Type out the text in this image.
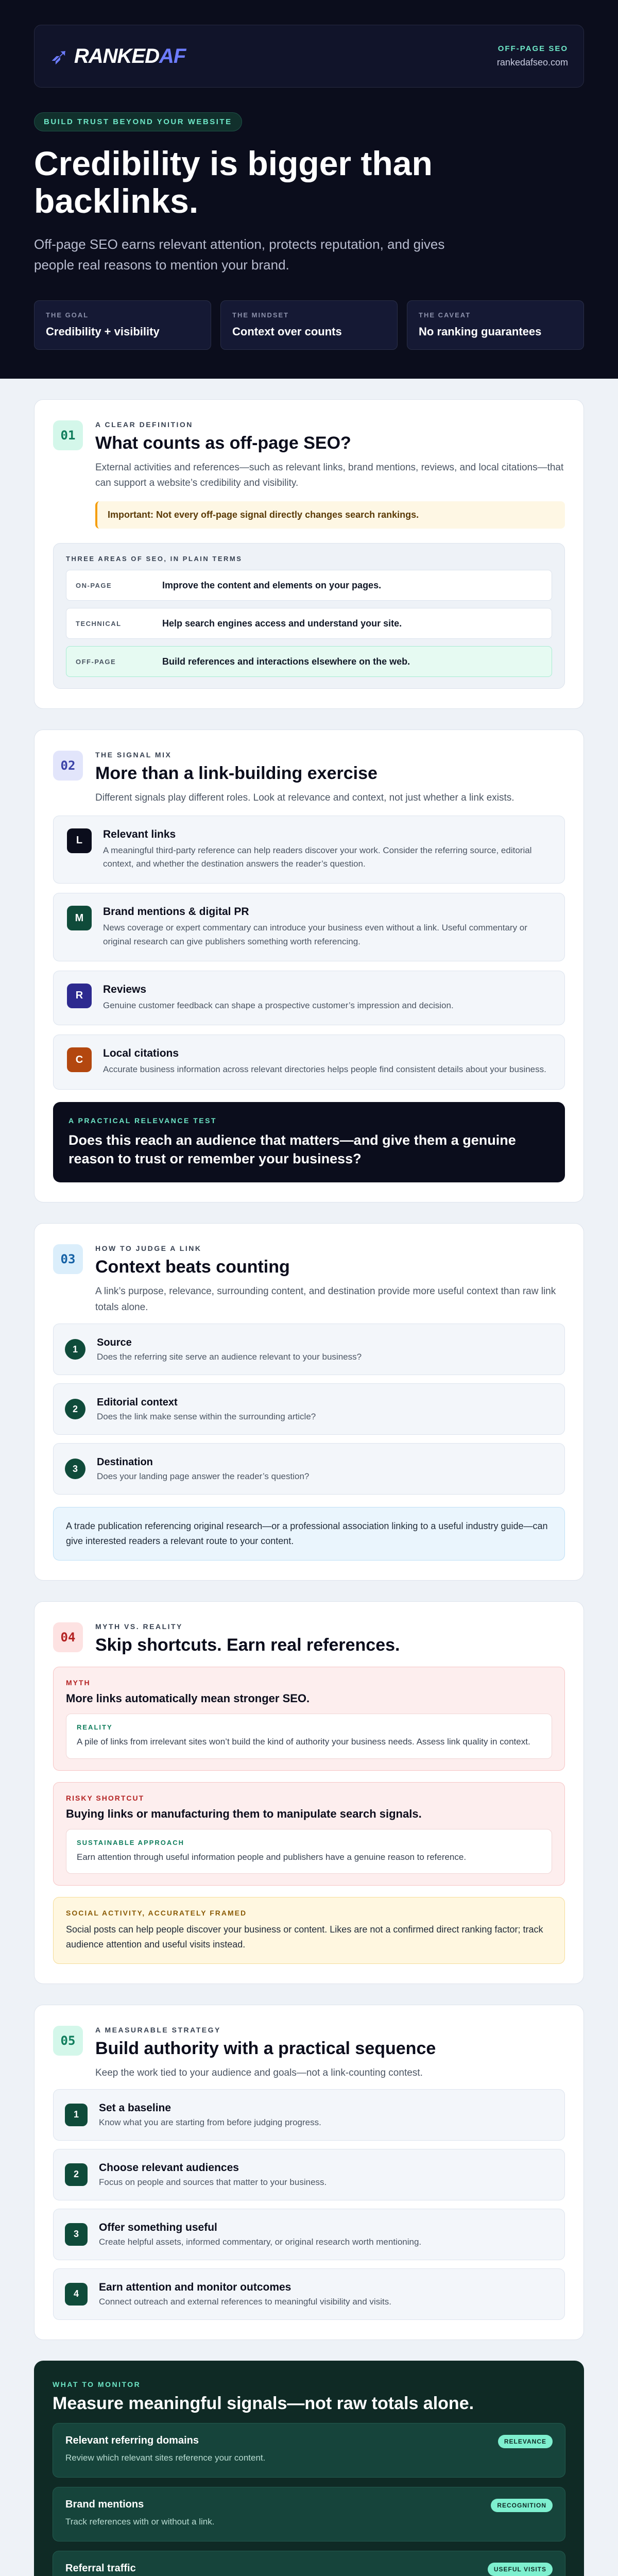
➶ RANKEDAF	OFF-PAGE SEO
rankedafseo.com
BUILD TRUST BEYOND YOUR WEBSITE
Credibility is bigger than backlinks.

Off-page SEO earns relevant attention, protects reputation, and gives people real reasons to mention your brand.

THE GOAL
Credibility + visibility
THE MINDSET
Context over counts
THE CAVEAT
No ranking guarantees
01
A CLEAR DEFINITION
What counts as off-page SEO?
External activities and references—such as relevant links, brand mentions, reviews, and local citations—that can support a website’s credibility and visibility.
Important: Not every off-page signal directly changes search rankings.
THREE AREAS OF SEO, IN PLAIN TERMS
ON-PAGE	Improve the content and elements on your pages.
TECHNICAL	Help search engines access and understand your site.
OFF-PAGE	Build references and interactions elsewhere on the web.
02
THE SIGNAL MIX
More than a link-building exercise
Different signals play different roles. Look at relevance and context, not just whether a link exists.
L
Relevant links
A meaningful third-party reference can help readers discover your work. Consider the referring source, editorial context, and whether the destination answers the reader’s question.
M
Brand mentions & digital PR
News coverage or expert commentary can introduce your business even without a link. Useful commentary or original research can give publishers something worth referencing.
R
Reviews
Genuine customer feedback can shape a prospective customer’s impression and decision.
C
Local citations
Accurate business information across relevant directories helps people find consistent details about your business.
A PRACTICAL RELEVANCE TEST
Does this reach an audience that matters—and give them a genuine reason to trust or remember your business?
03
HOW TO JUDGE A LINK
Context beats counting
A link’s purpose, relevance, surrounding content, and destination provide more useful context than raw link totals alone.
1
Source
Does the referring site serve an audience relevant to your business?
2
Editorial context
Does the link make sense within the surrounding article?
3
Destination
Does your landing page answer the reader’s question?
A trade publication referencing original research—or a professional association linking to a useful industry guide—can give interested readers a relevant route to your content.
04
MYTH VS. REALITY
Skip shortcuts. Earn real references.
MYTH
More links automatically mean stronger SEO.
REALITY
A pile of links from irrelevant sites won’t build the kind of authority your business needs. Assess link quality in context.
RISKY SHORTCUT
Buying links or manufacturing them to manipulate search signals.
SUSTAINABLE APPROACH
Earn attention through useful information people and publishers have a genuine reason to reference.
SOCIAL ACTIVITY, ACCURATELY FRAMED
Social posts can help people discover your business or content. Likes are not a confirmed direct ranking factor; track audience attention and useful visits instead.
05
A MEASURABLE STRATEGY
Build authority with a practical sequence
Keep the work tied to your audience and goals—not a link-counting contest.
1
Set a baseline
Know what you are starting from before judging progress.
2
Choose relevant audiences
Focus on people and sources that matter to your business.
3
Offer something useful
Create helpful assets, informed commentary, or original research worth mentioning.
4
Earn attention and monitor outcomes
Connect outreach and external references to meaningful visibility and visits.
WHAT TO MONITOR
Measure meaningful signals—not raw totals alone.
Relevant referring domains
Review which relevant sites reference your content.
RELEVANCE
Brand mentions
Track references with or without a link.
RECOGNITION
Referral traffic	USEFUL VISITS
